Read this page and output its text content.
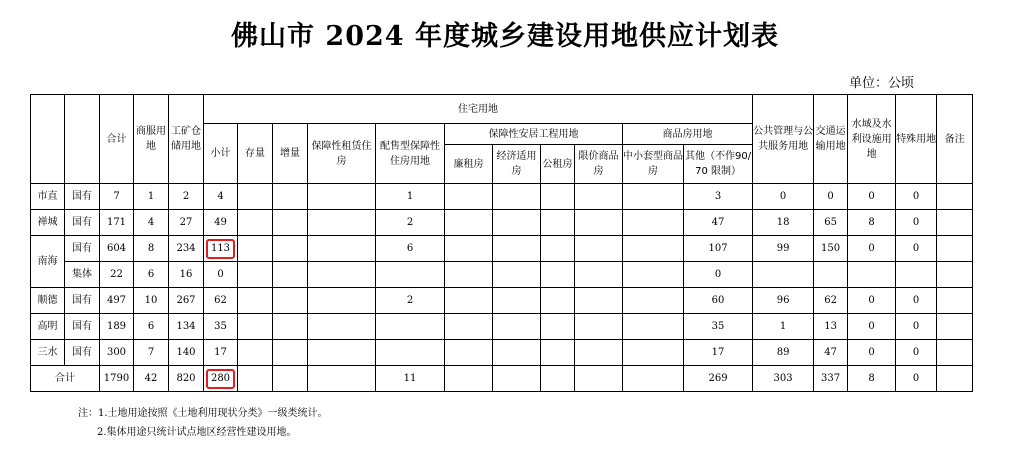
佛山市 2024 年度城乡建设用地供应计划表
单位：公顷
		合计	商服用地	工矿仓储用地	住宅用地											公共管理与公共服务用地	交通运输用地	水域及水利设施用地	特殊用地	备注
					小计	存量	增量	保障性租赁住房	配售型保障性住房用地	保障性安居工程用地				商品房用地						
										廉租房	经济适用房	公租房	限价商品房	中小套型商品房	其他（不作90/70 限制）					
市直	国有	7	1	2	4				1						3	0	0	0	0	
禅城	国有	171	4	27	49				2						47	18	65	8	0	
南海	国有	604	8	234	113				6						107	99	150	0	0	
	集体	22	6	16	0										0					
顺德	国有	497	10	267	62				2						60	96	62	0	0	
高明	国有	189	6	134	35										35	1	13	0	0	
三水	国有	300	7	140	17										17	89	47	0	0	
合计		1790	42	820	280				11						269	303	337	8	0	
注：1.土地用途按照《土地利用现状分类》一级类统计。
2.集体用途只统计试点地区经营性建设用地。
